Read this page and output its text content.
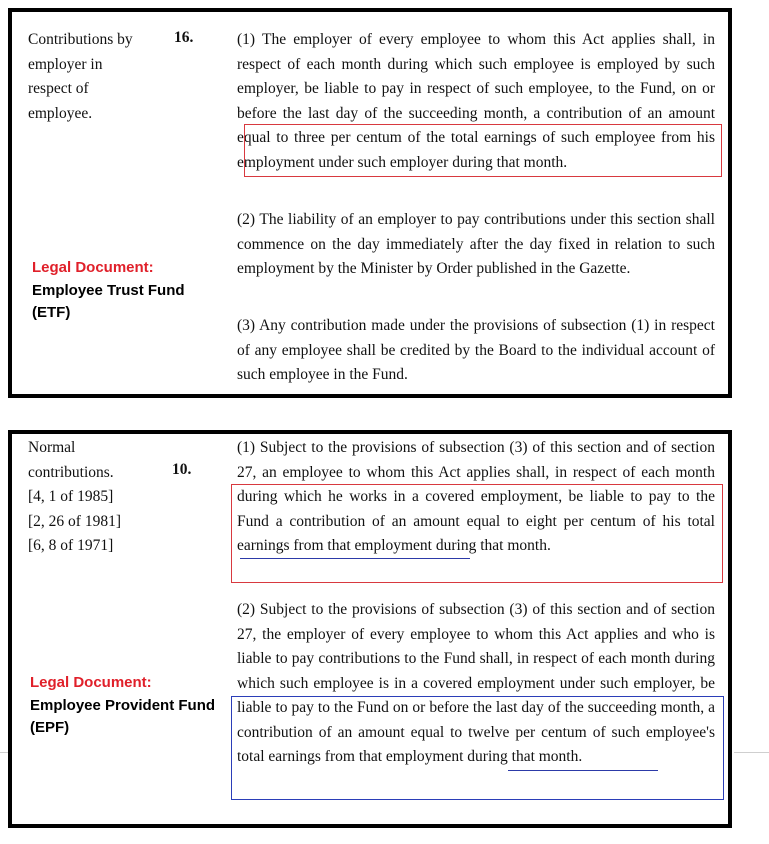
Contributions by
employer in
respect of
employee.
16.	(1) The employer of every employee to whom this Act applies shall, in respect of each month during which such employee is employed by such employer, be liable to pay in respect of such employee, to the Fund, on or before the last day of the succeeding month, a contribution of an amount equal to three per centum of the total earnings of such employee from his employment under such employer during that month.
(2) The liability of an employer to pay contributions under this section shall commence on the day immediately after the day fixed in relation to such employment by the Minister by Order published in the Gazette.
(3) Any contribution made under the provisions of subsection (1) in respect of any employee shall be credited by the Board to the individual account of such employee in the Fund.
Legal Document:
Employee Trust Fund (ETF)
Normal
contributions.
[4, 1 of 1985]
[2, 26 of 1981]
[6, 8 of 1971]
10.
(1) Subject to the provisions of subsection (3) of this section and of section 27, an employee to whom this Act applies shall, in respect of each month during which he works in a covered employment, be liable to pay to the Fund a contribution of an amount equal to eight per centum of his total earnings from that employment during that month.
(2) Subject to the provisions of subsection (3) of this section and of section 27, the employer of every employee to whom this Act applies and who is liable to pay contributions to the Fund shall, in respect of each month during which such employee is in a covered employment under such employer, be liable to pay to the Fund on or before the last day of the succeeding month, a contribution of an amount equal to twelve per centum of such employee's total earnings from that employment during that month.
Legal Document:
Employee Provident Fund (EPF)
